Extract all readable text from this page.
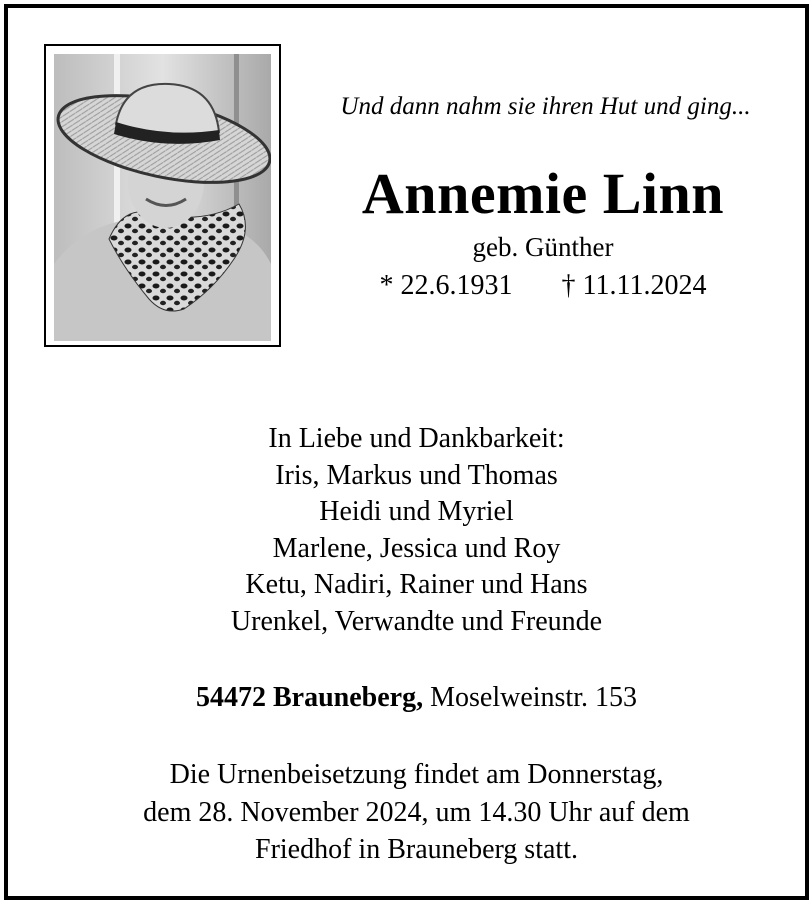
Und dann nahm sie ihren Hut und ging...
Annemie Linn
geb. Günther
* 22.6.1931 † 11.11.2024
In Liebe und Dankbarkeit:
Iris, Markus und Thomas
Heidi und Myriel
Marlene, Jessica und Roy
Ketu, Nadiri, Rainer und Hans
Urenkel, Verwandte und Freunde
54472 Brauneberg, Moselweinstr. 153
Die Urnenbeisetzung findet am Donnerstag,
dem 28. November 2024, um 14.30 Uhr auf dem
Friedhof in Brauneberg statt.
